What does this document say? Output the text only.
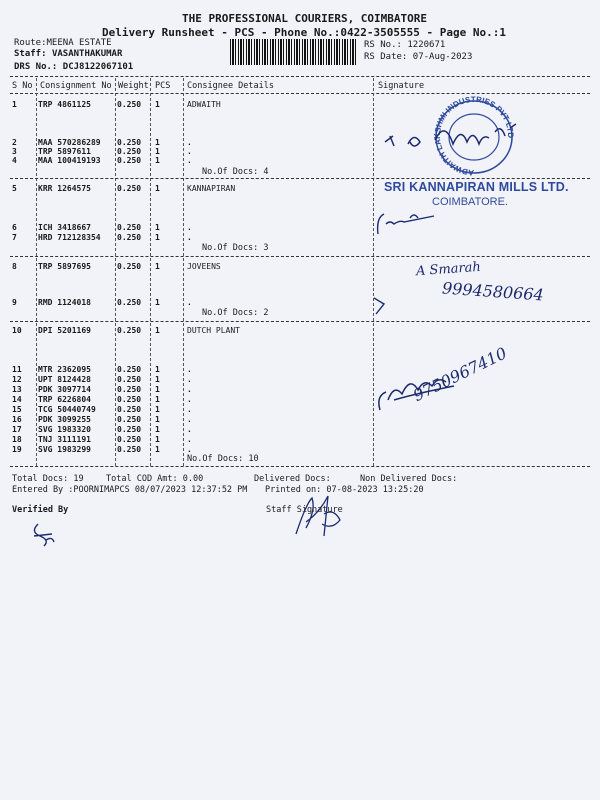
THE PROFESSIONAL COURIERS, COIMBATORE
Delivery Runsheet - PCS - Phone No.:0422-3505555 - Page No.:1
Route:MEENA ESTATE
Staff: VASANTHAKUMAR
DRS No.: DCJ8122067101
RS No.: 1220671
RS Date: 07-Aug-2023
S No Consignment No Weight PCS Consignee Details	Signature
1	TRP 4861125	0.250 1	ADWAITH
2	MAA 570286289 0.250 1	.
3	TRP 5897611	0.250 1	.
4	MAA 100419193 0.250 1	.
No.Of Docs: 4
5	KRR 1264575	0.250 1	KANNAPIRAN
6	ICH 3418667	0.250 1	.
7	HRD 712128354 0.250 1	.
No.Of Docs: 3
8	TRP 5897695	0.250 1	JOVEENS
9	RMD 1124018	0.250 1	.
No.Of Docs: 2
10 DPI 5201169	0.250 1	DUTCH PLANT
11 MTR 2362095	0.250 1	.
12 UPT 8124428	0.250 1	.
13 PDK 3097714	0.250 1	.
14 TRP 6226804	0.250 1	.
15 TCG 50440749	0.250 1	.
16 PDK 3099255	0.250 1	.
17 SVG 1983320	0.250 1	.
18 TNJ 3111191	0.250 1	.
19 SVG 1983299	0.250 1	.
No.Of Docs: 10
Total Docs: 19	Total COD Amt: 0.00	Delivered Docs:	Non Delivered Docs:
Entered By :POORNIMAPCS 08/07/2023 12:37:52 PM Printed on: 07-08-2023 13:25:20
Verified By	Staff Signature
ADWAITH LAKSHMI INDUSTRIES PVT LTD
SRI KANNAPIRAN MILLS LTD.
COIMBATORE.
A Smarah
9994580664
9750967410
